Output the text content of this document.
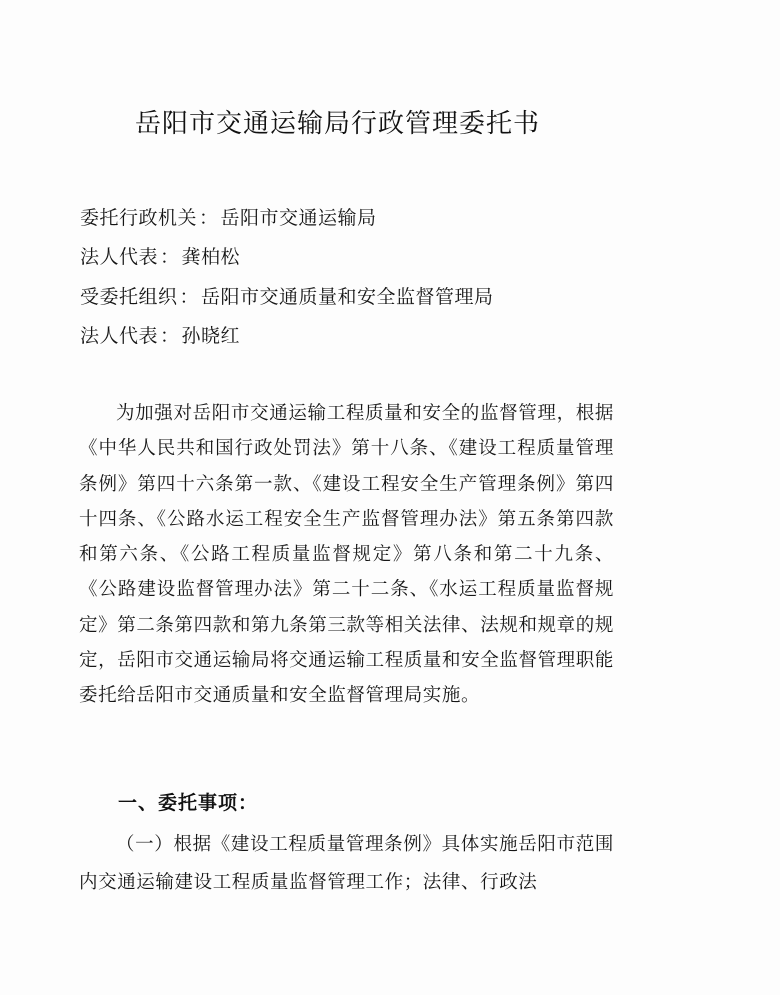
岳阳市交通运输局行政管理委托书
委托行政机关 ： 岳阳市交通运输局
法人代表 ： 龚柏松
受委托组织 ： 岳阳市交通质量和安全监督管理局
法人代表 ： 孙晓红

为加强对岳阳市交通运输工程质量和安全的监督管理，根据《中华人民共和国行政处罚法》第十八条、《建设工程质量管理条例》第四十六条第一款、《建设工程安全生产管理条例》第四十四条、《公路水运工程安全生产监督管理办法》第五条第四款和第六条、《公路工程质量监督规定》第八条和第二十九条、《公路建设监督管理办法》第二十二条、《水运工程质量监督规定》第二条第四款和第九条第三款等相关法律、法规和规章的规定，岳阳市交通运输局将交通运输工程质量和安全监督管理职能委托给岳阳市交通质量和安全监督管理局实施。

一、委托事项：

（一）根据《建设工程质量管理条例》具体实施岳阳市范围内交通运输建设工程质量监督管理工作；法律、行政法
